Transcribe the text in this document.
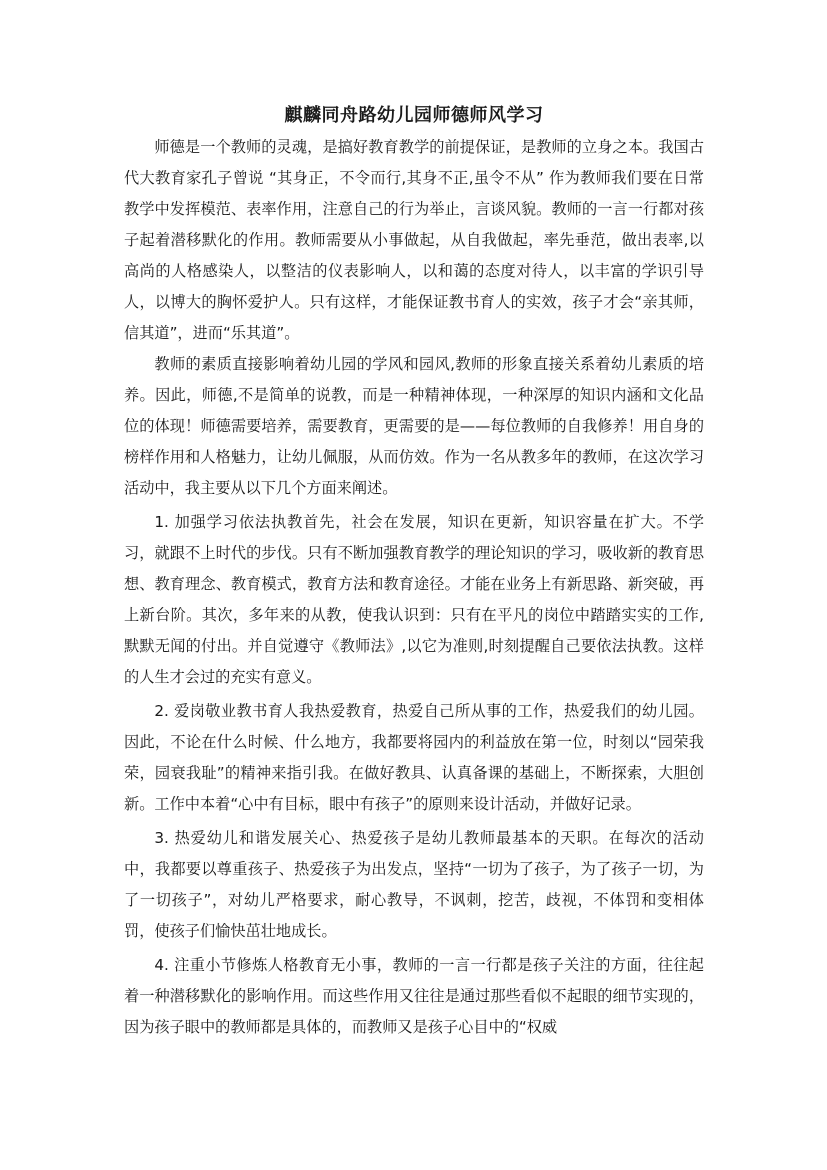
麒麟同舟路幼儿园师德师风学习

师德是一个教师的灵魂，是搞好教育教学的前提保证，是教师的立身之本。我国古代大教育家孔子曾说 “其身正，不令而行,其身不正,虽令不从” 作为教师我们要在日常教学中发挥模范、表率作用，注意自己的行为举止，言谈风貌。教师的一言一行都对孩子起着潜移默化的作用。教师需要从小事做起，从自我做起，率先垂范，做出表率,以高尚的人格感染人，以整洁的仪表影响人，以和蔼的态度对待人，以丰富的学识引导人，以博大的胸怀爱护人。只有这样，才能保证教书育人的实效，孩子才会“亲其师，信其道”，进而“乐其道”。

教师的素质直接影响着幼儿园的学风和园风,教师的形象直接关系着幼儿素质的培养。因此，师德,不是简单的说教，而是一种精神体现，一种深厚的知识内涵和文化品位的体现！师德需要培养，需要教育，更需要的是——每位教师的自我修养！用自身的榜样作用和人格魅力，让幼儿佩服，从而仿效。作为一名从教多年的教师，在这次学习活动中，我主要从以下几个方面来阐述。

1. 加强学习依法执教首先，社会在发展，知识在更新，知识容量在扩大。不学习，就跟不上时代的步伐。只有不断加强教育教学的理论知识的学习，吸收新的教育思想、教育理念、教育模式，教育方法和教育途径。才能在业务上有新思路、新突破，再上新台阶。其次，多年来的从教，使我认识到：只有在平凡的岗位中踏踏实实的工作,默默无闻的付出。并自觉遵守《教师法》,以它为准则,时刻提醒自己要依法执教。这样的人生才会过的充实有意义。

2. 爱岗敬业教书育人我热爱教育，热爱自己所从事的工作，热爱我们的幼儿园。因此，不论在什么时候、什么地方，我都要将园内的利益放在第一位，时刻以“园荣我荣，园衰我耻”的精神来指引我。在做好教具、认真备课的基础上，不断探索，大胆创新。工作中本着“心中有目标，眼中有孩子”的原则来设计活动，并做好记录。

3. 热爱幼儿和谐发展关心、热爱孩子是幼儿教师最基本的天职。在每次的活动中，我都要以尊重孩子、热爱孩子为出发点，坚持“一切为了孩子，为了孩子一切，为了一切孩子”，对幼儿严格要求，耐心教导，不讽刺，挖苦，歧视，不体罚和变相体罚，使孩子们愉快茁壮地成长。

4. 注重小节修炼人格教育无小事，教师的一言一行都是孩子关注的方面，往往起着一种潜移默化的影响作用。而这些作用又往往是通过那些看似不起眼的细节实现的，因为孩子眼中的教师都是具体的，而教师又是孩子心目中的“权威
